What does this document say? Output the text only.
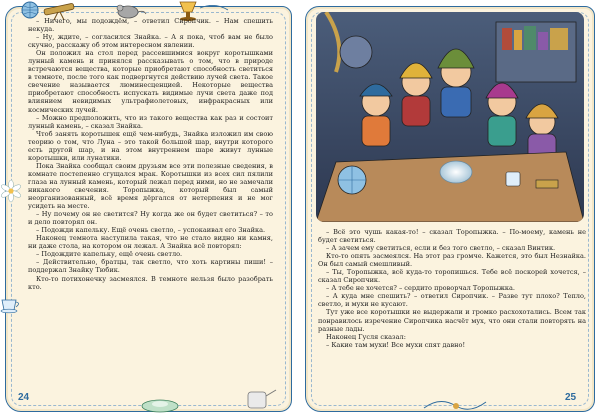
– Ничего, мы подождём, – ответил Сиропчик. – Нам спешить некуда.

– Ну, ждите, – согласился Знайка. – А я пока, чтоб вам не было скучно, расскажу об этом интересном явлении.

Он положил на стол перед рассевшимися вокруг коротышками лунный камень и принялся рассказывать о том, что в природе встречаются вещества, которые приобретают способность светиться в темноте, после того как подвергнутся действию лучей света. Такое свечение называется люминесценцией. Некоторые вещества приобретают способность испускать видимые лучи света даже под влиянием невидимых ультрафиолетовых, инфракрасных или космических лучей.

– Можно предположить, что из такого вещества как раз и состоит лунный камень, – сказал Знайка.

Чтоб занять коротышек ещё чем-нибудь, Знайка изложил им свою теорию о том, что Луна – это такой большой шар, внутри которого есть другой шар, и на этом внутреннем шаре живут лунные коротышки, или лунатики.

Пока Знайка сообщал своим друзьям все эти полезные сведения, в комнате постепенно сгущался мрак. Коротышки из всех сил пялили глаза на лунный камень, который лежал перед ними, но не замечали никакого свечения. Торопыжка, который был самый неорганизованный, всё время дёргался от нетерпения и не мог усидеть на месте.

– Ну почему он не светится? Ну когда же он будет светиться? – то и дело повторял он.

– Подожди капельку. Ещё очень светло, – успокаивал его Знайка.

Наконец темнота наступила такая, что не стало видно ни камня, ни даже стола, на котором он лежал. А Знайка всё повторял:

– Подождите капельку, ещё очень светло.

– Действительно, братцы, так светло, что хоть картины пиши! – поддержал Знайку Тюбик.

Кто-то потихонечку засмеялся. В темноте нельзя было разобрать кто.

24

– Всё это чушь какая-то! – сказал Торопыжка. – По-моему, камень не будет светиться.

– А зачем ему светиться, если и без того светло, – сказал Винтик.

Кто-то опять засмеялся. На этот раз громче. Кажется, это был Незнайка. Он был самый смешливый.

– Ты, Торопыжка, всё куда-то торопишься. Тебе всё поскорей хочется, – сказал Сиропчик.

– А тебе не хочется? – сердито проворчал Торопыжка.

– А куда мне спешить? – ответил Сиропчик. – Разве тут плохо? Тепло, светло, и мухи не кусают.

Тут уже все коротышки не выдержали и громко расхохотались. Всем так понравилось изречение Сиропчика насчёт мух, что они стали повторять на разные лады.

Наконец Гусля сказал:

– Какие там мухи! Все мухи спят давно!

25
